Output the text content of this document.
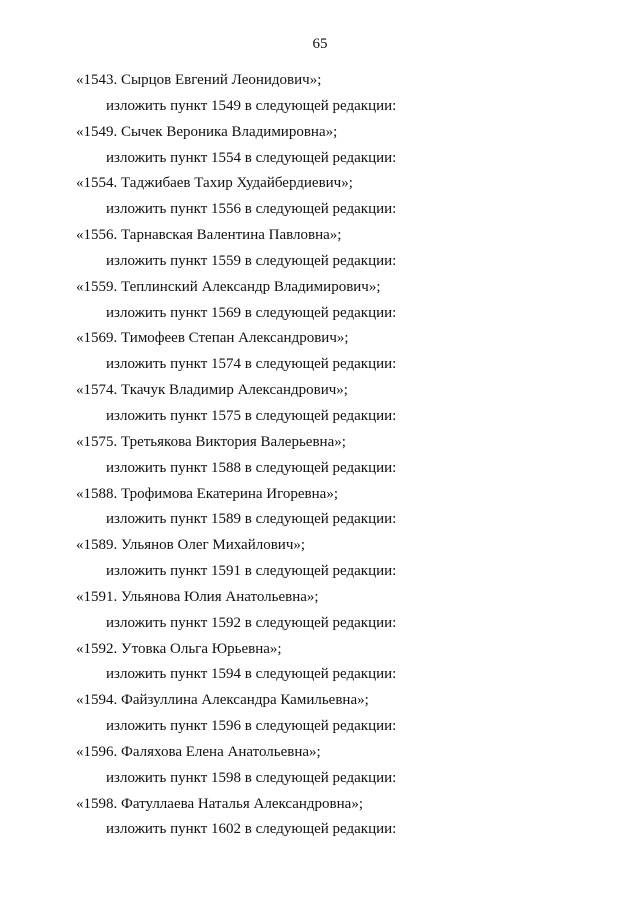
65
«1543. Сырцов Евгений Леонидович»;
изложить пункт 1549 в следующей редакции:
«1549. Сычек Вероника Владимировна»;
изложить пункт 1554 в следующей редакции:
«1554. Таджибаев Тахир Худайбердиевич»;
изложить пункт 1556 в следующей редакции:
«1556. Тарнавская Валентина Павловна»;
изложить пункт 1559 в следующей редакции:
«1559. Теплинский Александр Владимирович»;
изложить пункт 1569 в следующей редакции:
«1569. Тимофеев Степан Александрович»;
изложить пункт 1574 в следующей редакции:
«1574. Ткачук Владимир Александрович»;
изложить пункт 1575 в следующей редакции:
«1575. Третьякова Виктория Валерьевна»;
изложить пункт 1588 в следующей редакции:
«1588. Трофимова Екатерина Игоревна»;
изложить пункт 1589 в следующей редакции:
«1589. Ульянов Олег Михайлович»;
изложить пункт 1591 в следующей редакции:
«1591. Ульянова Юлия Анатольевна»;
изложить пункт 1592 в следующей редакции:
«1592. Утовка Ольга Юрьевна»;
изложить пункт 1594 в следующей редакции:
«1594. Файзуллина Александра Камильевна»;
изложить пункт 1596 в следующей редакции:
«1596. Фаляхова Елена Анатольевна»;
изложить пункт 1598 в следующей редакции:
«1598. Фатуллаева Наталья Александровна»;
изложить пункт 1602 в следующей редакции:
